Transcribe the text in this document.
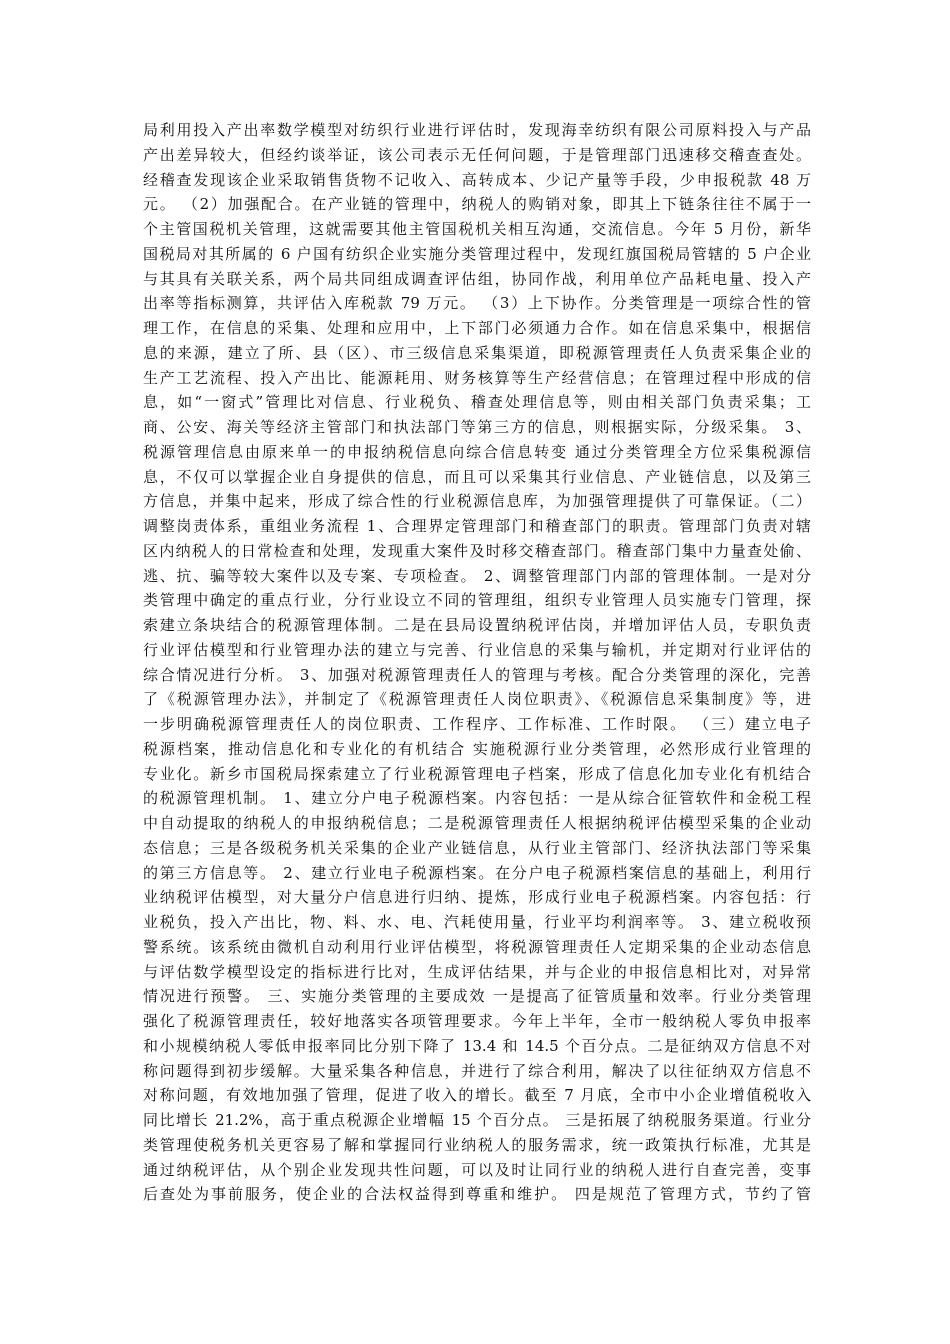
局利用投入产出率数学模型对纺织行业进行评估时，发现海幸纺织有限公司原料投入与产品
产出差异较大，但经约谈举证，该公司表示无任何问题，于是管理部门迅速移交稽查查处。
经稽查发现该企业采取销售货物不记收入、高转成本、少记产量等手段，少申报税款 48 万
元。 （2）加强配合。在产业链的管理中，纳税人的购销对象，即其上下链条往往不属于一
个主管国税机关管理，这就需要其他主管国税机关相互沟通，交流信息。今年 5 月份，新华
国税局对其所属的 6 户国有纺织企业实施分类管理过程中，发现红旗国税局管辖的 5 户企业
与其具有关联关系，两个局共同组成调查评估组，协同作战，利用单位产品耗电量、投入产
出率等指标测算，共评估入库税款 79 万元。 （3）上下协作。分类管理是一项综合性的管
理工作，在信息的采集、处理和应用中，上下部门必须通力合作。如在信息采集中，根据信
息的来源，建立了所、县（区）、市三级信息采集渠道，即税源管理责任人负责采集企业的
生产工艺流程、投入产出比、能源耗用、财务核算等生产经营信息；在管理过程中形成的信
息，如“一窗式”管理比对信息、行业税负、稽查处理信息等，则由相关部门负责采集；工
商、公安、海关等经济主管部门和执法部门等第三方的信息，则根据实际，分级采集。 3、
税源管理信息由原来单一的申报纳税信息向综合信息转变 通过分类管理全方位采集税源信
息，不仅可以掌握企业自身提供的信息，而且可以采集其行业信息、产业链信息，以及第三
方信息，并集中起来，形成了综合性的行业税源信息库，为加强管理提供了可靠保证。（二）
调整岗责体系，重组业务流程 1、合理界定管理部门和稽查部门的职责。管理部门负责对辖
区内纳税人的日常检查和处理，发现重大案件及时移交稽查部门。稽查部门集中力量查处偷、
逃、抗、骗等较大案件以及专案、专项检查。 2、调整管理部门内部的管理体制。一是对分
类管理中确定的重点行业，分行业设立不同的管理组，组织专业管理人员实施专门管理，探
索建立条块结合的税源管理体制。二是在县局设置纳税评估岗，并增加评估人员，专职负责
行业评估模型和行业管理办法的建立与完善、行业信息的采集与输机，并定期对行业评估的
综合情况进行分析。 3、加强对税源管理责任人的管理与考核。配合分类管理的深化，完善
了《税源管理办法》，并制定了《税源管理责任人岗位职责》、《税源信息采集制度》等，进
一步明确税源管理责任人的岗位职责、工作程序、工作标准、工作时限。 （三）建立电子
税源档案，推动信息化和专业化的有机结合 实施税源行业分类管理，必然形成行业管理的
专业化。新乡市国税局探索建立了行业税源管理电子档案，形成了信息化加专业化有机结合
的税源管理机制。 1、建立分户电子税源档案。内容包括：一是从综合征管软件和金税工程
中自动提取的纳税人的申报纳税信息；二是税源管理责任人根据纳税评估模型采集的企业动
态信息；三是各级税务机关采集的企业产业链信息，从行业主管部门、经济执法部门等采集
的第三方信息等。 2、建立行业电子税源档案。在分户电子税源档案信息的基础上，利用行
业纳税评估模型，对大量分户信息进行归纳、提炼，形成行业电子税源档案。内容包括：行
业税负，投入产出比，物、料、水、电、汽耗使用量，行业平均利润率等。 3、建立税收预
警系统。该系统由微机自动利用行业评估模型，将税源管理责任人定期采集的企业动态信息
与评估数学模型设定的指标进行比对，生成评估结果，并与企业的申报信息相比对，对异常
情况进行预警。 三、实施分类管理的主要成效 一是提高了征管质量和效率。行业分类管理
强化了税源管理责任，较好地落实各项管理要求。今年上半年，全市一般纳税人零负申报率
和小规模纳税人零低申报率同比分别下降了 13.4 和 14.5 个百分点。二是征纳双方信息不对
称问题得到初步缓解。大量采集各种信息，并进行了综合利用，解决了以往征纳双方信息不
对称问题，有效地加强了管理，促进了收入的增长。截至 7 月底，全市中小企业增值税收入
同比增长 21.2%，高于重点税源企业增幅 15 个百分点。 三是拓展了纳税服务渠道。行业分
类管理使税务机关更容易了解和掌握同行业纳税人的服务需求，统一政策执行标准，尤其是
通过纳税评估，从个别企业发现共性问题，可以及时让同行业的纳税人进行自查完善，变事
后查处为事前服务，使企业的合法权益得到尊重和维护。 四是规范了管理方式，节约了管
